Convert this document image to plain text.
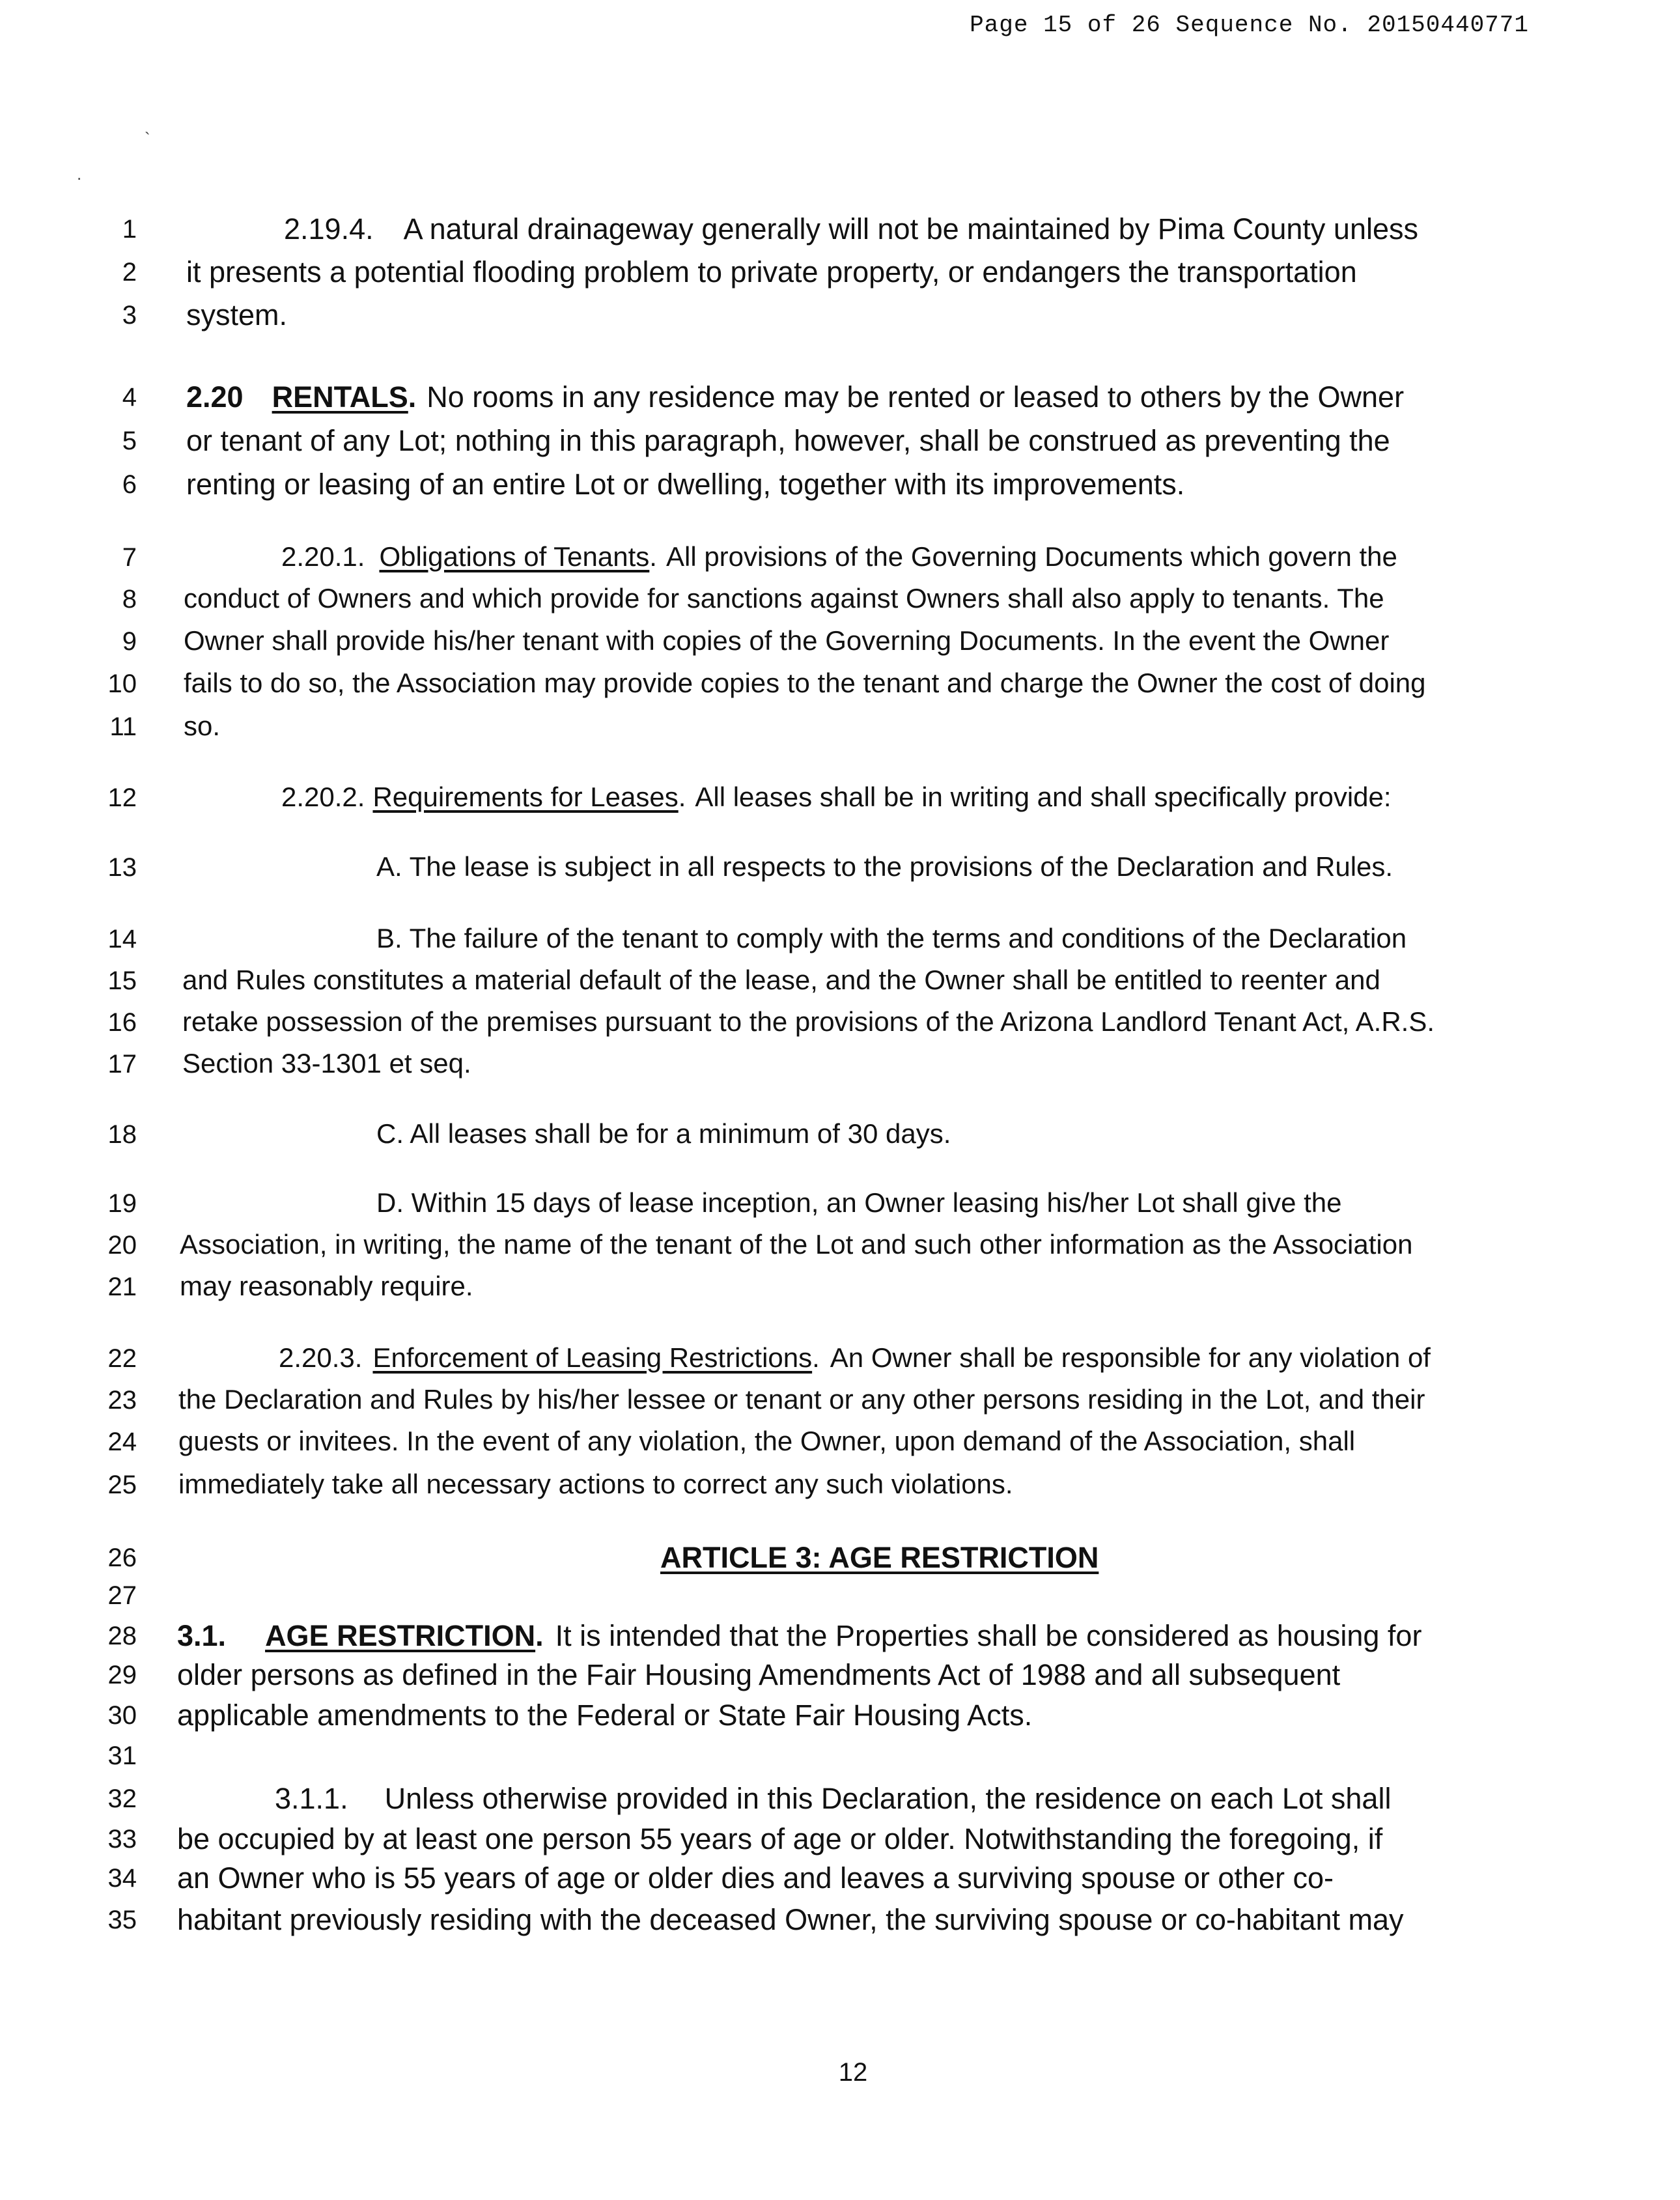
Page 15 of 26 Sequence No. 20150440771
`
.
1
2
3
4
5
6
7
8
9
10
11
12
13
14
15
16
17
18
19
20
21
22
23
24
25
26
27
28
29
30
31
32
33
34
35
2.19.4. A natural drainageway generally will not be maintained by Pima County unless
it presents a potential flooding problem to private property, or endangers the transportation
system.
2.20 RENTALS. No rooms in any residence may be rented or leased to others by the Owner
or tenant of any Lot; nothing in this paragraph, however, shall be construed as preventing the
renting or leasing of an entire Lot or dwelling, together with its improvements.
2.20.1. Obligations of Tenants. All provisions of the Governing Documents which govern the
conduct of Owners and which provide for sanctions against Owners shall also apply to tenants. The
Owner shall provide his/her tenant with copies of the Governing Documents. In the event the Owner
fails to do so, the Association may provide copies to the tenant and charge the Owner the cost of doing
so.
2.20.2. Requirements for Leases. All leases shall be in writing and shall specifically provide:
A. The lease is subject in all respects to the provisions of the Declaration and Rules.
B. The failure of the tenant to comply with the terms and conditions of the Declaration
and Rules constitutes a material default of the lease, and the Owner shall be entitled to reenter and
retake possession of the premises pursuant to the provisions of the Arizona Landlord Tenant Act, A.R.S.
Section 33-1301 et seq.
C. All leases shall be for a minimum of 30 days.
D. Within 15 days of lease inception, an Owner leasing his/her Lot shall give the
Association, in writing, the name of the tenant of the Lot and such other information as the Association
may reasonably require.
2.20.3. Enforcement of Leasing Restrictions. An Owner shall be responsible for any violation of
the Declaration and Rules by his/her lessee or tenant or any other persons residing in the Lot, and their
guests or invitees. In the event of any violation, the Owner, upon demand of the Association, shall
immediately take all necessary actions to correct any such violations.
ARTICLE 3: AGE RESTRICTION
3.1. AGE RESTRICTION. It is intended that the Properties shall be considered as housing for
older persons as defined in the Fair Housing Amendments Act of 1988 and all subsequent
applicable amendments to the Federal or State Fair Housing Acts.
3.1.1. Unless otherwise provided in this Declaration, the residence on each Lot shall
be occupied by at least one person 55 years of age or older. Notwithstanding the foregoing, if
an Owner who is 55 years of age or older dies and leaves a surviving spouse or other co-
habitant previously residing with the deceased Owner, the surviving spouse or co-habitant may
12
